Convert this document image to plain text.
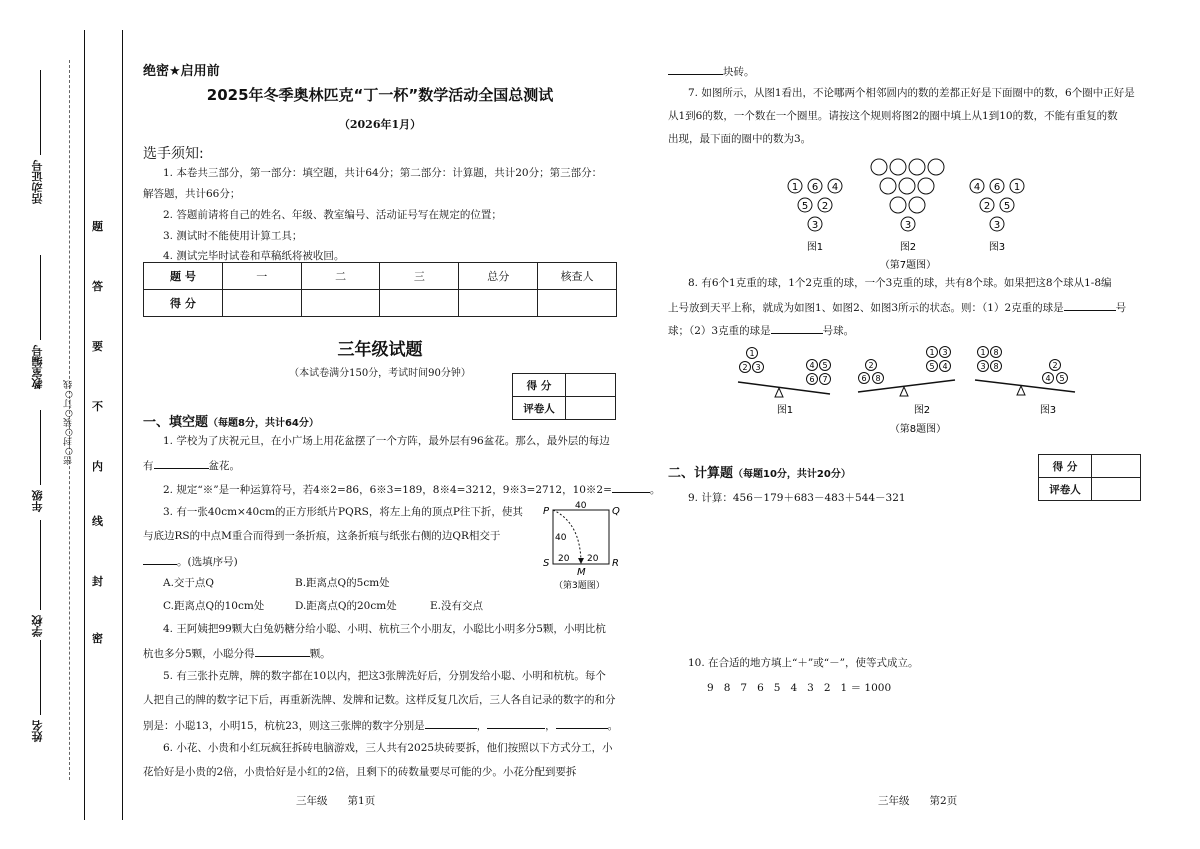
姓名
学校
年级
教室编号
活动证号
密○封○装○订○线
题
答
要
不
内
线
封
密
绝密★启用前
2025年冬季奥林匹克“丁一杯”数学活动全国总测试
（2026年1月）
选手须知:
1. 本卷共三部分，第一部分：填空题，共计64分；第二部分：计算题，共计20分；第三部分：
解答题，共计66分；
2. 答题前请将自己的姓名、年级、教室编号、活动证号写在规定的位置；
3. 测试时不能使用计算工具；
4. 测试完毕时试卷和草稿纸将被收回。
题 号	一	二	三	总分	核查人
得 分					
三年级试题
（本试卷满分150分，考试时间90分钟）
得 分	
评卷人	
一、填空题（每题8分，共计64分）
1. 学校为了庆祝元旦，在小广场上用花盆摆了一个方阵，最外层有96盆花。那么，最外层的每边
有	盆花。
2. 规定“※”是一种运算符号，若4※2=86，6※3=189，8※4=3212，9※3=2712，10※2=	。
3. 有一张40cm×40cm的正方形纸片PQRS，将左上角的顶点P往下折，使其
与底边RS的中点M重合而得到一条折痕，这条折痕与纸张右侧的边QR相交于
。(选填序号)
A.交于点Q	B.距离点Q的5cm处
C.距离点Q的10cm处	D.距离点Q的20cm处	E.没有交点
P	Q
S	R
M
40
40
20 20
（第3题图）
4. 王阿姨把99颗大白兔奶糖分给小聪、小明、杭杭三个小朋友，小聪比小明多分5颗，小明比杭
杭也多分5颗，小聪分得	颗。
5. 有三张扑克牌，牌的数字都在10以内，把这3张牌洗好后，分别发给小聪、小明和杭杭。每个
人把自己的牌的数字记下后，再重新洗牌、发牌和记数。这样反复几次后，三人各自记录的数字的和分
别是：小聪13，小明15，杭杭23，则这三张牌的数字分别是	，	，	。
6. 小花、小贵和小红玩疯狂拆砖电脑游戏，三人共有2025块砖要拆，他们按照以下方式分工，小
花恰好是小贵的2倍，小贵恰好是小红的2倍，且剩下的砖数量要尽可能的少。小花分配到要拆
三年级      第1页
块砖。
7. 如图所示，从图1看出，不论哪两个相邻圆内的数的差都正好是下面圈中的数，6个圈中正好是
从1到6的数，一个数在一个圈里。请按这个规则将图2的圈中填上从1到10的数，不能有重复的数
出现，最下面的圈中的数为3。
1 6 4
5 2
3
图1
3
图2
4 6 1
2 5
3
图3
（第7题图）
8. 有6个1克重的球，1个2克重的球，一个3克重的球，共有8个球。如果把这8个球从1-8编
上号放到天平上称，就成为如图1、如图2、如图3所示的状态。则：（1）2克重的球是	号
球；（2）3克重的球是	号球。
1
2 3	4 5
6 7
图1
2
6 8
1 3
5 4
图2
1 8
3 8	2
4 5
图3
（第8题图）
得 分	
评卷人	
二、计算题（每题10分，共计20分）
9. 计算：456－179＋683－483＋544－321
10. 在合适的地方填上“＋”或“－”，使等式成立。
9   8   7   6   5   4   3   2   1 ＝ 1000
三年级      第2页
